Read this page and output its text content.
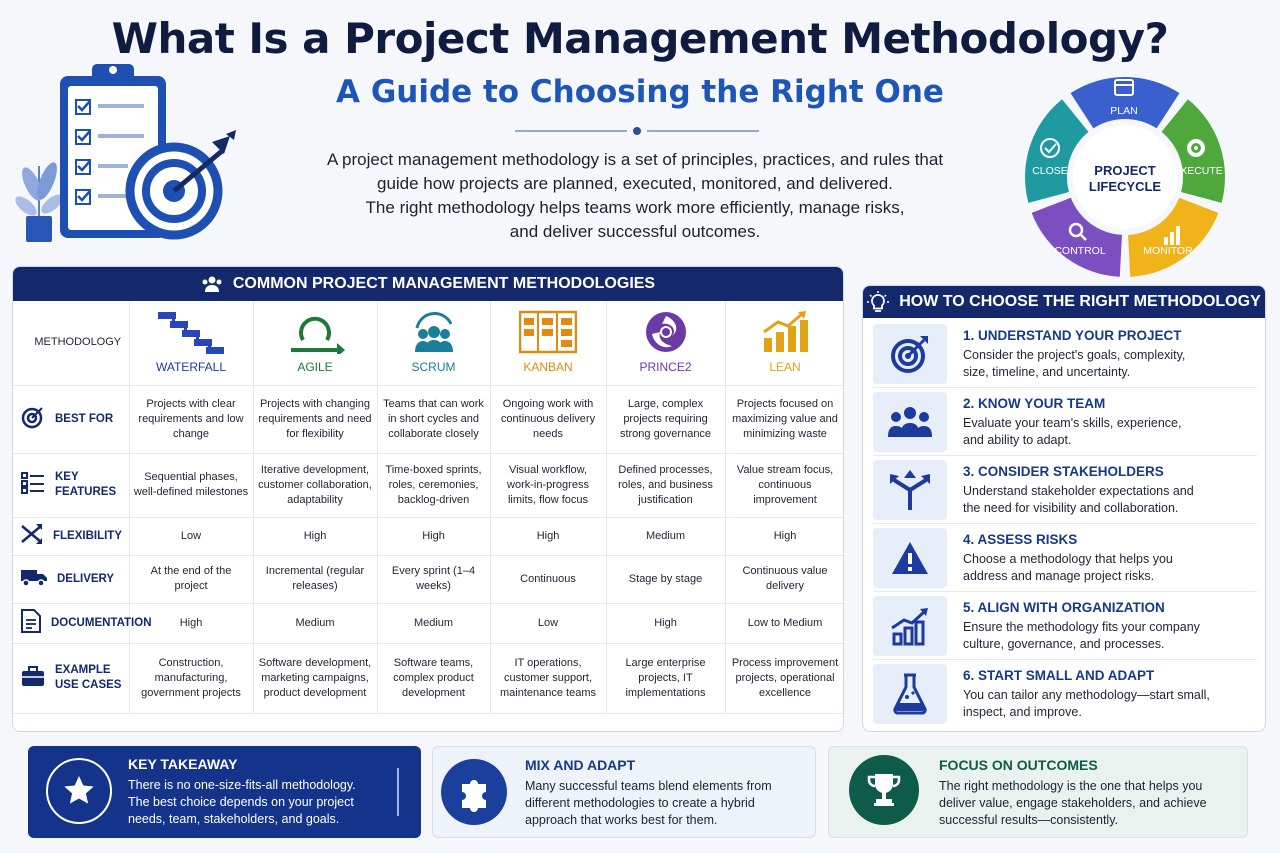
What Is a Project Management Methodology?
A Guide to Choosing the Right One
A project management methodology is a set of principles, practices, and rules that
guide how projects are planned, executed, monitored, and delivered.
The right methodology helps teams work more efficiently, manage risks,
and deliver successful outcomes.
PROJECT
LIFECYCLE
PLAN
EXECUTE
MONITOR
CONTROL
CLOSE
COMMON PROJECT MANAGEMENT METHODOLOGIES
METHODOLOGY	WATERFALL	AGILE	SCRUM	KANBAN	PRINCE2	LEAN

BEST FOR	Projects with clear requirements and low change	Projects with changing requirements and need for flexibility	Teams that can work in short cycles and collaborate closely	Ongoing work with continuous delivery needs	Large, complex projects requiring strong governance	Projects focused on maximizing value and minimizing waste

KEY FEATURES	Sequential phases, well-defined milestones	Iterative development, customer collaboration, adaptability	Time-boxed sprints, roles, ceremonies, backlog-driven	Visual workflow, work-in-progress limits, flow focus	Defined processes, roles, and business justification	Value stream focus, continuous improvement

FLEXIBILITY	Low	High	High	High	Medium	High

DELIVERY	At the end of the project	Incremental (regular releases)	Every sprint (1–4 weeks)	Continuous	Stage by stage	Continuous value delivery

DOCUMENTATION	High	Medium	Medium	Low	High	Low to Medium

EXAMPLE USE CASES	Construction, manufacturing, government projects	Software development, marketing campaigns, product development	Software teams, complex product development	IT operations, customer support, maintenance teams	Large enterprise projects, IT implementations	Process improvement projects, operational excellence
HOW TO CHOOSE THE RIGHT METHODOLOGY
1. UNDERSTAND YOUR PROJECT
Consider the project's goals, complexity,
size, timeline, and uncertainty.
2. KNOW YOUR TEAM
Evaluate your team's skills, experience,
and ability to adapt.
3. CONSIDER STAKEHOLDERS
Understand stakeholder expectations and
the need for visibility and collaboration.
4. ASSESS RISKS
Choose a methodology that helps you
address and manage project risks.
5. ALIGN WITH ORGANIZATION
Ensure the methodology fits your company
culture, governance, and processes.
6. START SMALL AND ADAPT
You can tailor any methodology—start small,
inspect, and improve.
KEY TAKEAWAY
There is no one-size-fits-all methodology.
The best choice depends on your project
needs, team, stakeholders, and goals.
MIX AND ADAPT
Many successful teams blend elements from
different methodologies to create a hybrid
approach that works best for them.
FOCUS ON OUTCOMES
The right methodology is the one that helps you
deliver value, engage stakeholders, and achieve
successful results—consistently.
